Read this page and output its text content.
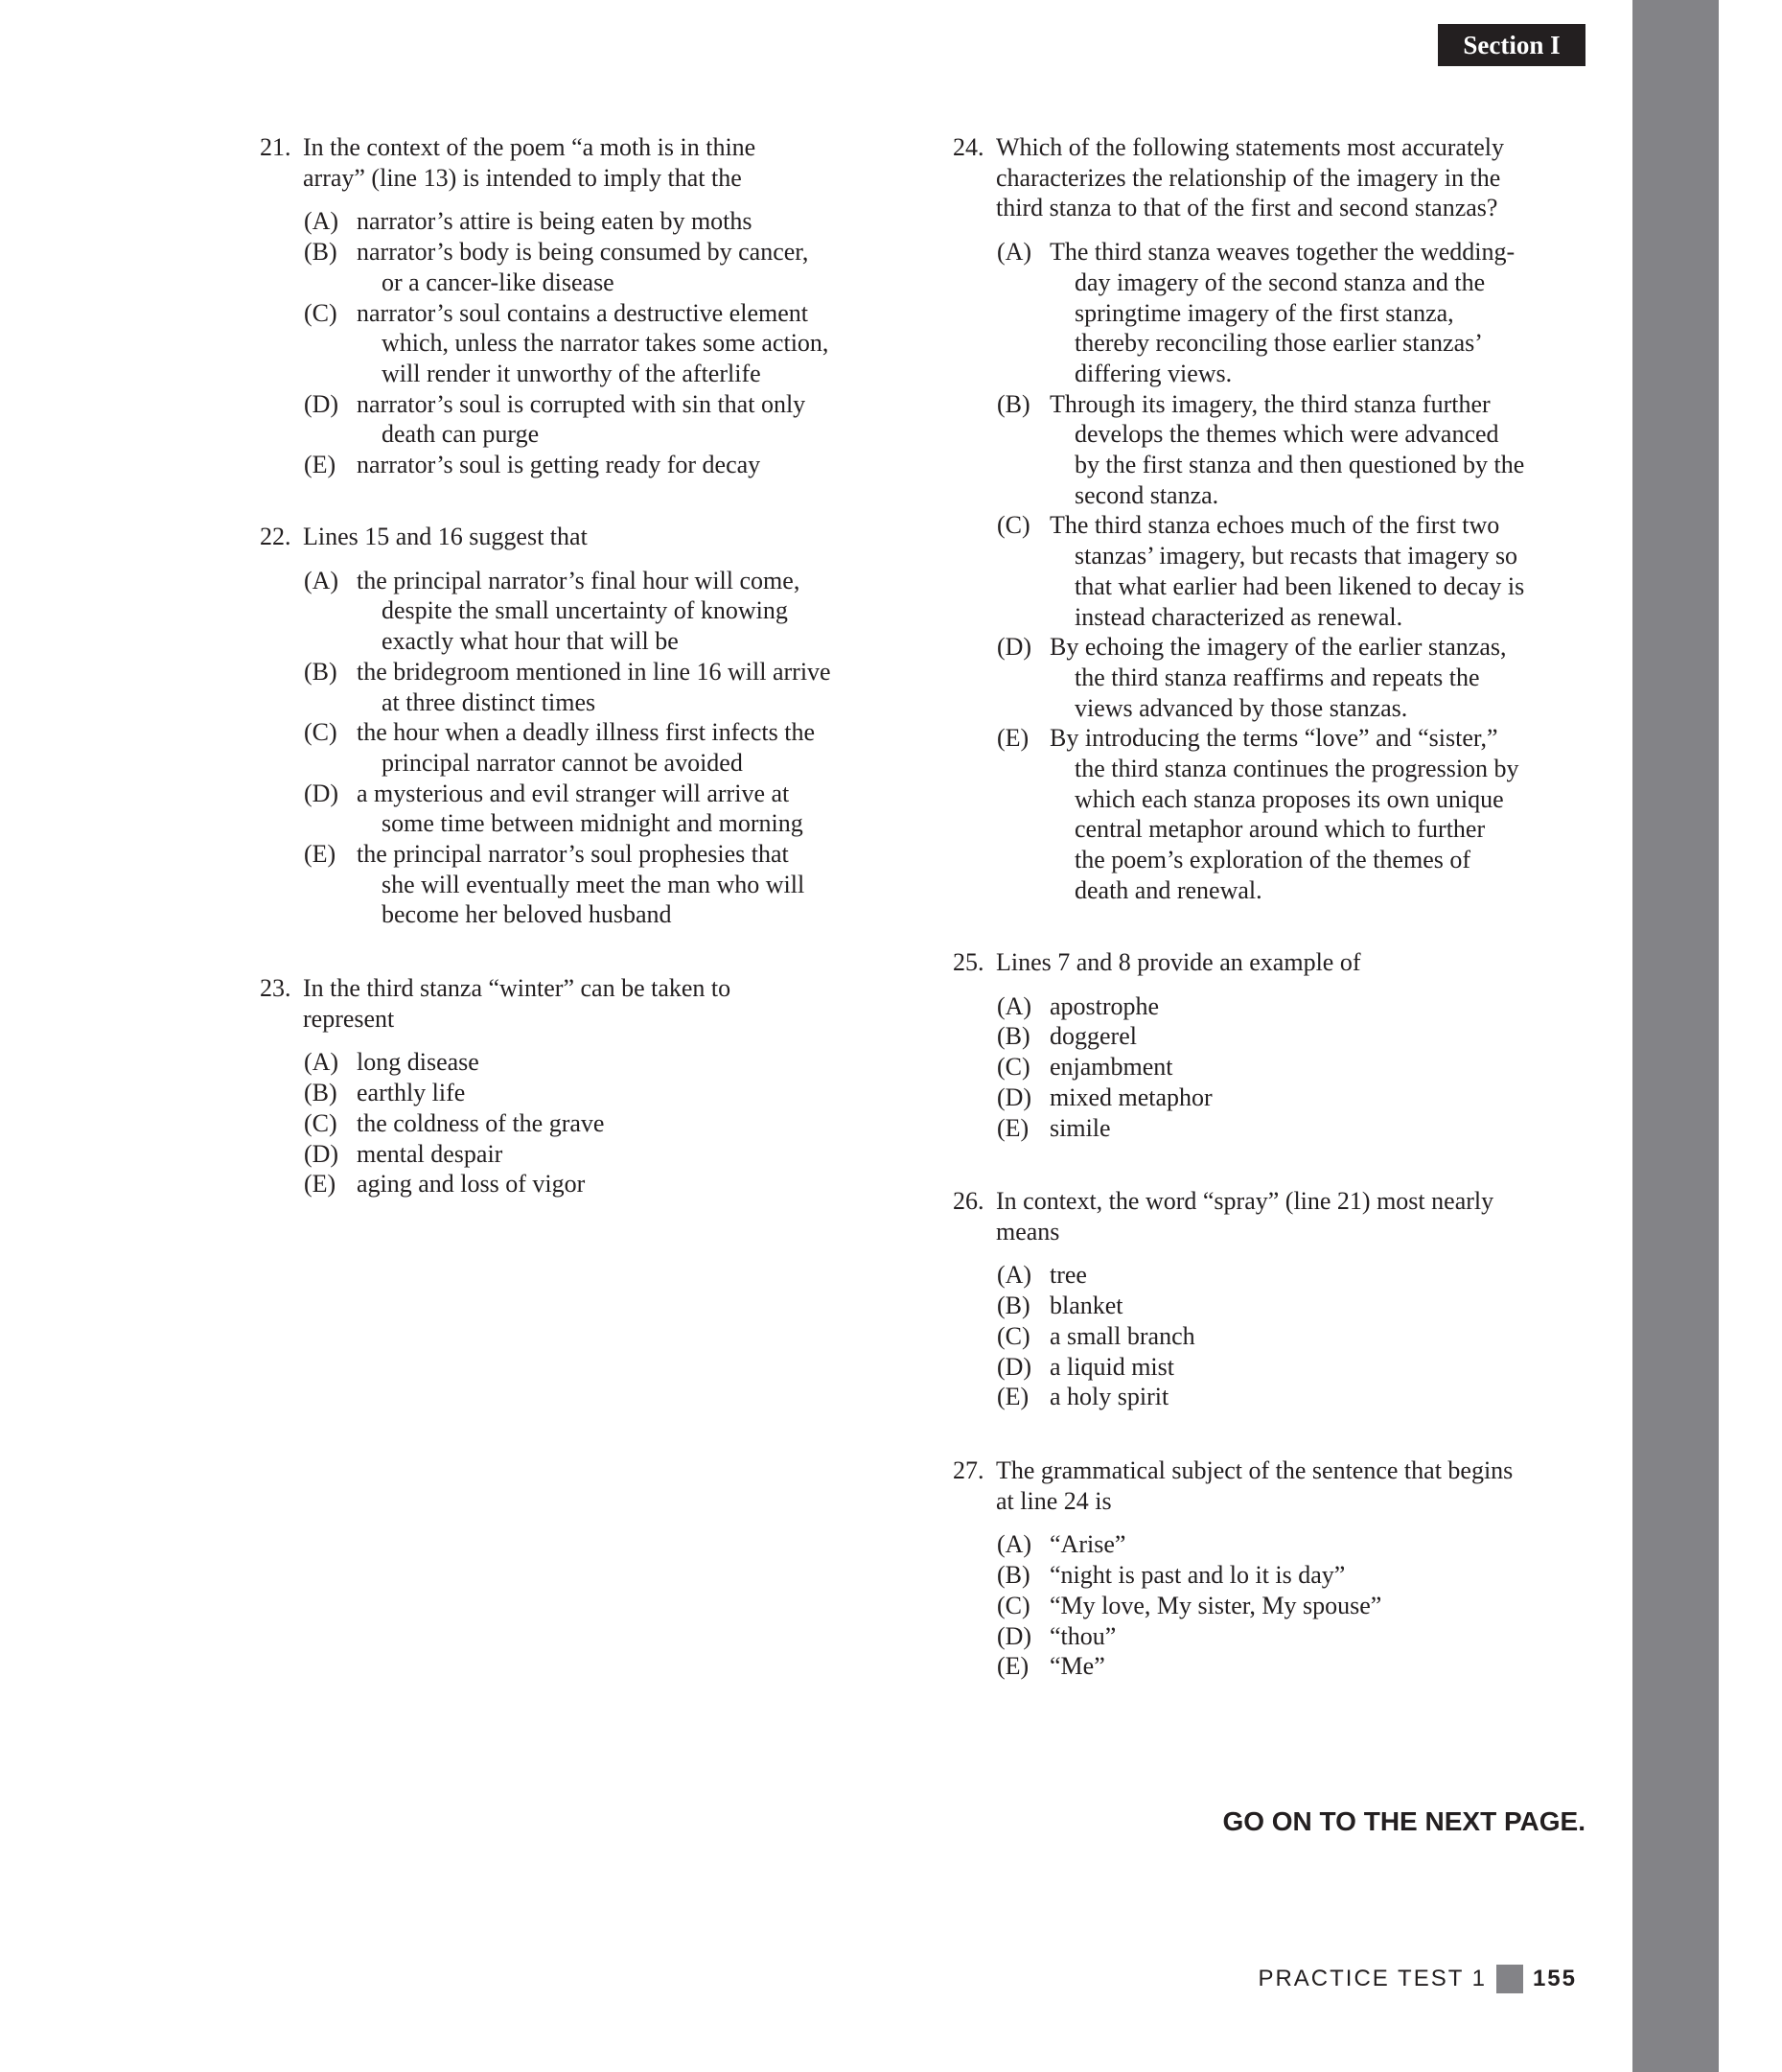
Section I
21. In the context of the poem “a moth is in thine
array” (line 13) is intended to imply that the
(A) narrator’s attire is being eaten by moths
(B) narrator’s body is being consumed by cancer,
or a cancer-like disease
(C) narrator’s soul contains a destructive element
which, unless the narrator takes some action,
will render it unworthy of the afterlife
(D) narrator’s soul is corrupted with sin that only
death can purge
(E) narrator’s soul is getting ready for decay
22. Lines 15 and 16 suggest that
(A) the principal narrator’s final hour will come,
despite the small uncertainty of knowing
exactly what hour that will be
(B) the bridegroom mentioned in line 16 will arrive
at three distinct times
(C) the hour when a deadly illness first infects the
principal narrator cannot be avoided
(D) a mysterious and evil stranger will arrive at
some time between midnight and morning
(E) the principal narrator’s soul prophesies that
she will eventually meet the man who will
become her beloved husband
23. In the third stanza “winter” can be taken to
represent
(A) long disease
(B) earthly life
(C) the coldness of the grave
(D) mental despair
(E) aging and loss of vigor
24. Which of the following statements most accurately
characterizes the relationship of the imagery in the
third stanza to that of the first and second stanzas?
(A) The third stanza weaves together the wedding-
day imagery of the second stanza and the
springtime imagery of the first stanza,
thereby reconciling those earlier stanzas’
differing views.
(B) Through its imagery, the third stanza further
develops the themes which were advanced
by the first stanza and then questioned by the
second stanza.
(C) The third stanza echoes much of the first two
stanzas’ imagery, but recasts that imagery so
that what earlier had been likened to decay is
instead characterized as renewal.
(D) By echoing the imagery of the earlier stanzas,
the third stanza reaffirms and repeats the
views advanced by those stanzas.
(E) By introducing the terms “love” and “sister,”
the third stanza continues the progression by
which each stanza proposes its own unique
central metaphor around which to further
the poem’s exploration of the themes of
death and renewal.
25. Lines 7 and 8 provide an example of
(A) apostrophe
(B) doggerel
(C) enjambment
(D) mixed metaphor
(E) simile
26. In context, the word “spray” (line 21) most nearly
means
(A) tree
(B) blanket
(C) a small branch
(D) a liquid mist
(E) a holy spirit
27. The grammatical subject of the sentence that begins
at line 24 is
(A) “Arise”
(B) “night is past and lo it is day”
(C) “My love, My sister, My spouse”
(D) “thou”
(E) “Me”
GO ON TO THE NEXT PAGE.
PRACTICE TEST 1 155
